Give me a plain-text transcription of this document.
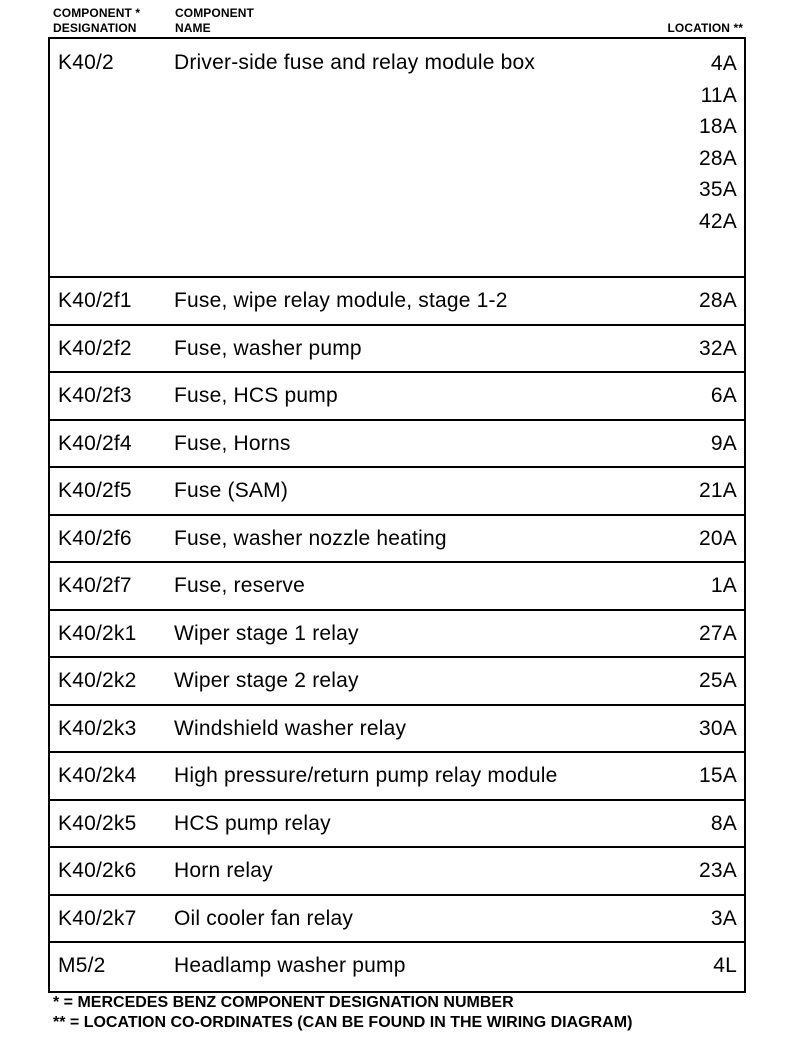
COMPONENT *
DESIGNATION
COMPONENT
NAME	LOCATION **
K40/2	Driver-side fuse and relay module box	4A
11A
18A
28A
35A
42A
K40/2f1 Fuse, wipe relay module, stage 1-2	28A
K40/2f2 Fuse, washer pump	32A
K40/2f3 Fuse, HCS pump	6A
K40/2f4 Fuse, Horns	9A
K40/2f5 Fuse (SAM)	21A
K40/2f6 Fuse, washer nozzle heating	20A
K40/2f7 Fuse, reserve	1A
K40/2k1 Wiper stage 1 relay	27A
K40/2k2 Wiper stage 2 relay	25A
K40/2k3 Windshield washer relay	30A
K40/2k4 High pressure/return pump relay module	15A
K40/2k5 HCS pump relay	8A
K40/2k6 Horn relay	23A
K40/2k7 Oil cooler fan relay	3A
M5/2	Headlamp washer pump	4L
* = MERCEDES BENZ COMPONENT DESIGNATION NUMBER
** = LOCATION CO-ORDINATES (CAN BE FOUND IN THE WIRING DIAGRAM)
